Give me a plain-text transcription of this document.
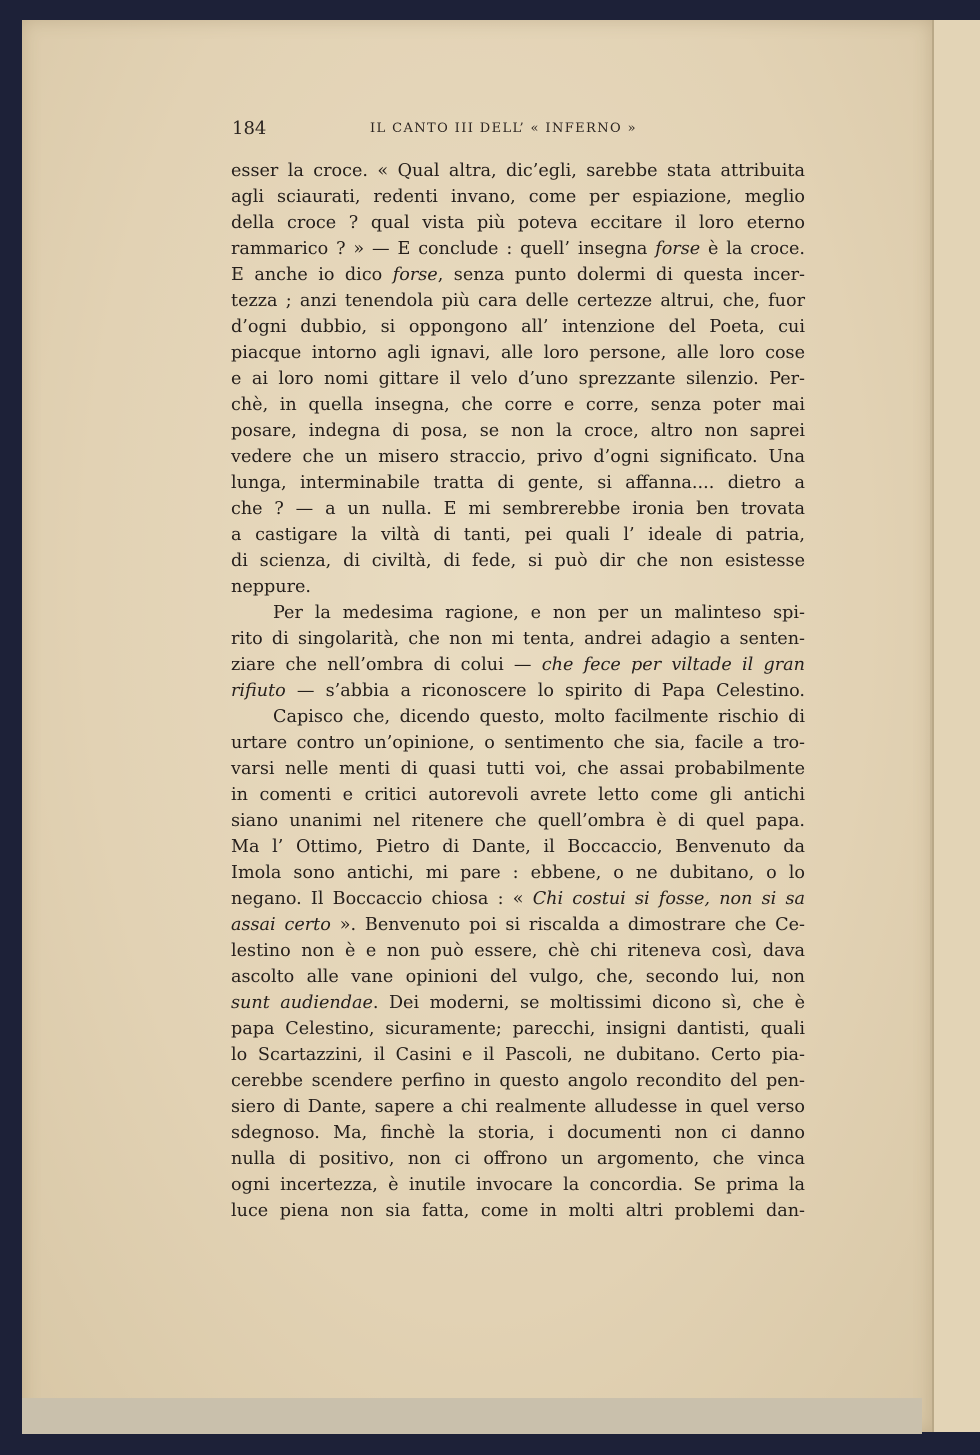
184	IL CANTO III DELL’ « INFERNO »
esser la croce. « Qual altra, dic’egli, sarebbe stata attribuita
agli sciaurati, redenti invano, come per espiazione, meglio
della croce ? qual vista più poteva eccitare il loro eterno
rammarico ? » — E conclude : quell’ insegna forse è la croce.
E anche io dico forse, senza punto dolermi di questa incer-
tezza ; anzi tenendola più cara delle certezze altrui, che, fuor
d’ogni dubbio, si oppongono all’ intenzione del Poeta, cui
piacque intorno agli ignavi, alle loro persone, alle loro cose
e ai loro nomi gittare il velo d’uno sprezzante silenzio. Per-
chè, in quella insegna, che corre e corre, senza poter mai
posare, indegna di posa, se non la croce, altro non saprei
vedere che un misero straccio, privo d’ogni significato. Una
lunga, interminabile tratta di gente, si affanna.... dietro a
che ? — a un nulla. E mi sembrerebbe ironia ben trovata
a castigare la viltà di tanti, pei quali l’ ideale di patria,
di scienza, di civiltà, di fede, si può dir che non esistesse
neppure.
Per la medesima ragione, e non per un malinteso spi-
rito di singolarità, che non mi tenta, andrei adagio a senten-
ziare che nell’ombra di colui — che fece per viltade il gran
rifiuto — s’abbia a riconoscere lo spirito di Papa Celestino.
Capisco che, dicendo questo, molto facilmente rischio di
urtare contro un’opinione, o sentimento che sia, facile a tro-
varsi nelle menti di quasi tutti voi, che assai probabilmente
in comenti e critici autorevoli avrete letto come gli antichi
siano unanimi nel ritenere che quell’ombra è di quel papa.
Ma l’ Ottimo, Pietro di Dante, il Boccaccio, Benvenuto da
Imola sono antichi, mi pare : ebbene, o ne dubitano, o lo
negano. Il Boccaccio chiosa : « Chi costui si fosse, non si sa
assai certo ». Benvenuto poi si riscalda a dimostrare che Ce-
lestino non è e non può essere, chè chi riteneva così, dava
ascolto alle vane opinioni del vulgo, che, secondo lui, non
sunt audiendae. Dei moderni, se moltissimi dicono sì, che è
papa Celestino, sicuramente; parecchi, insigni dantisti, quali
lo Scartazzini, il Casini e il Pascoli, ne dubitano. Certo pia-
cerebbe scendere perfino in questo angolo recondito del pen-
siero di Dante, sapere a chi realmente alludesse in quel verso
sdegnoso. Ma, finchè la storia, i documenti non ci danno
nulla di positivo, non ci offrono un argomento, che vinca
ogni incertezza, è inutile invocare la concordia. Se prima la
luce piena non sia fatta, come in molti altri problemi dan-
